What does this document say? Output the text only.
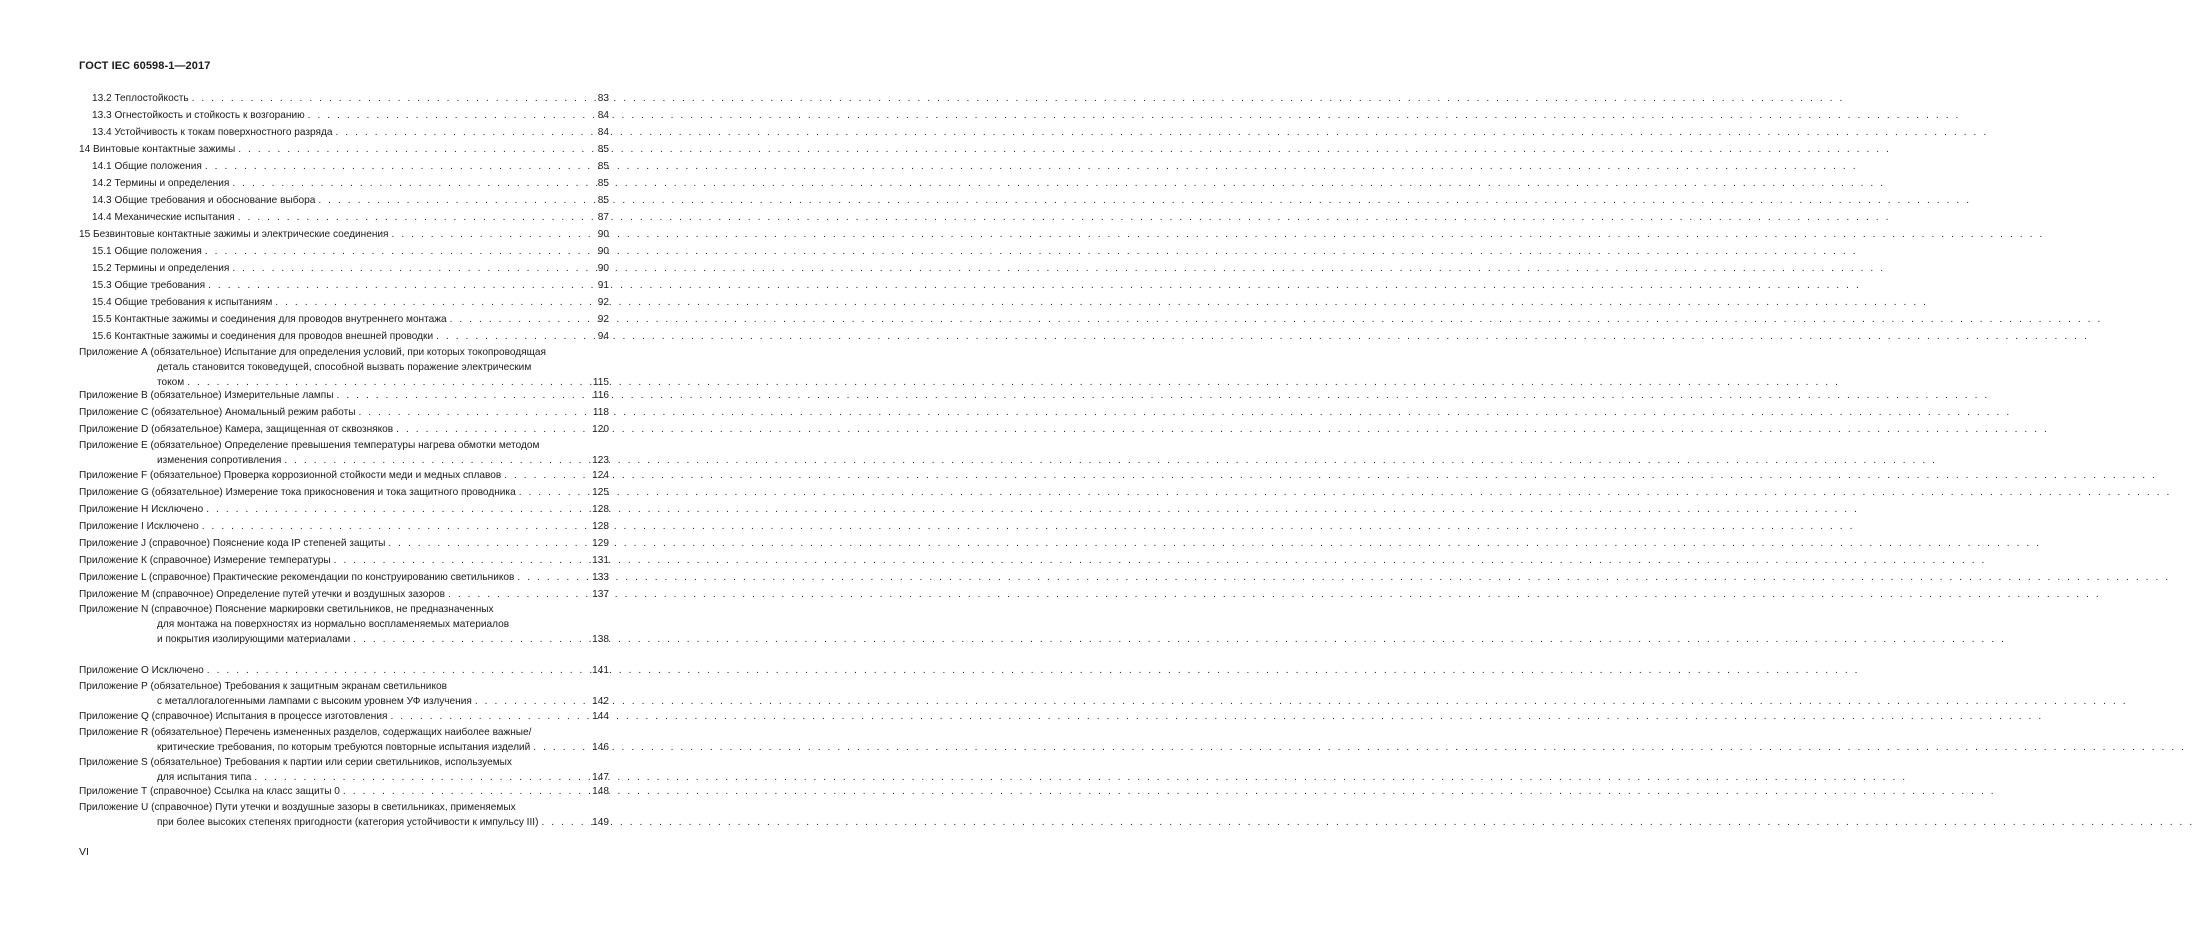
ГОСТ IEC 60598-1—2017
13.2 Теплостойкость . . .	83
13.3 Огнестойкость и стойкость к возгоранию . . .	84
13.4 Устойчивость к токам поверхностного разряда . . .	84
14 Винтовые контактные зажимы . . .	85
14.1 Общие положения . . .	85
14.2 Термины и определения . . .	85
14.3 Общие требования и обоснование выбора . . .	85
14.4 Механические испытания . . .	87
15 Безвинтовые контактные зажимы и электрические соединения . . .	90
15.1 Общие положения . . .	90
15.2 Термины и определения . . .	90
15.3 Общие требования . . .	91
15.4 Общие требования к испытаниям . . .	92
15.5 Контактные зажимы и соединения для проводов внутреннего монтажа . . .	92
15.6 Контактные зажимы и соединения для проводов внешней проводки . . .	94
Приложение А (обязательное) Испытание для определения условий, при которых токопроводящая
деталь становится токоведущей, способной вызвать поражение электрическим
током . . .	115
Приложение В (обязательное) Измерительные лампы . . .	116
Приложение С (обязательное) Аномальный режим работы . . .	118
Приложение D (обязательное) Камера, защищенная от сквозняков . . .	120
Приложение Е (обязательное) Определение превышения температуры нагрева обмотки методом
изменения сопротивления . . .	123
Приложение F (обязательное) Проверка коррозионной стойкости меди и медных сплавов . . .	124
Приложение G (обязательное) Измерение тока прикосновения и тока защитного проводника . . .	125
Приложение Н Исключено . . .	128
Приложение I Исключено . . .	128
Приложение J (справочное) Пояснение кода IP степеней защиты . . .	129
Приложение К (справочное) Измерение температуры . . .	131
Приложение L (справочное) Практические рекомендации по конструированию светильников . . .	133
Приложение М (справочное) Определение путей утечки и воздушных зазоров . . .	137
Приложение N (справочное) Пояснение маркировки светильников, не предназначенных
для монтажа на поверхностях из нормально воспламеняемых материалов
и покрытия изолирующими материалами . . .	138
Приложение О Исключено . . .	141
Приложение Р (обязательное) Требования к защитным экранам светильников
с металлогалогенными лампами с высоким уровнем УФ излучения . . .	142
Приложение Q (справочное) Испытания в процессе изготовления . . .	144
Приложение R (обязательное) Перечень измененных разделов, содержащих наиболее важные/
критические требования, по которым требуются повторные испытания изделий . . .	146
Приложение S (обязательное) Требования к партии или серии светильников, используемых
для испытания типа . . .	147
Приложение Т (справочное) Ссылка на класс защиты 0 . . .	148
Приложение U (справочное) Пути утечки и воздушные зазоры в светильниках, применяемых
при более высоких степенях пригодности (категория устойчивости к импульсу III) . . .	149
VI
